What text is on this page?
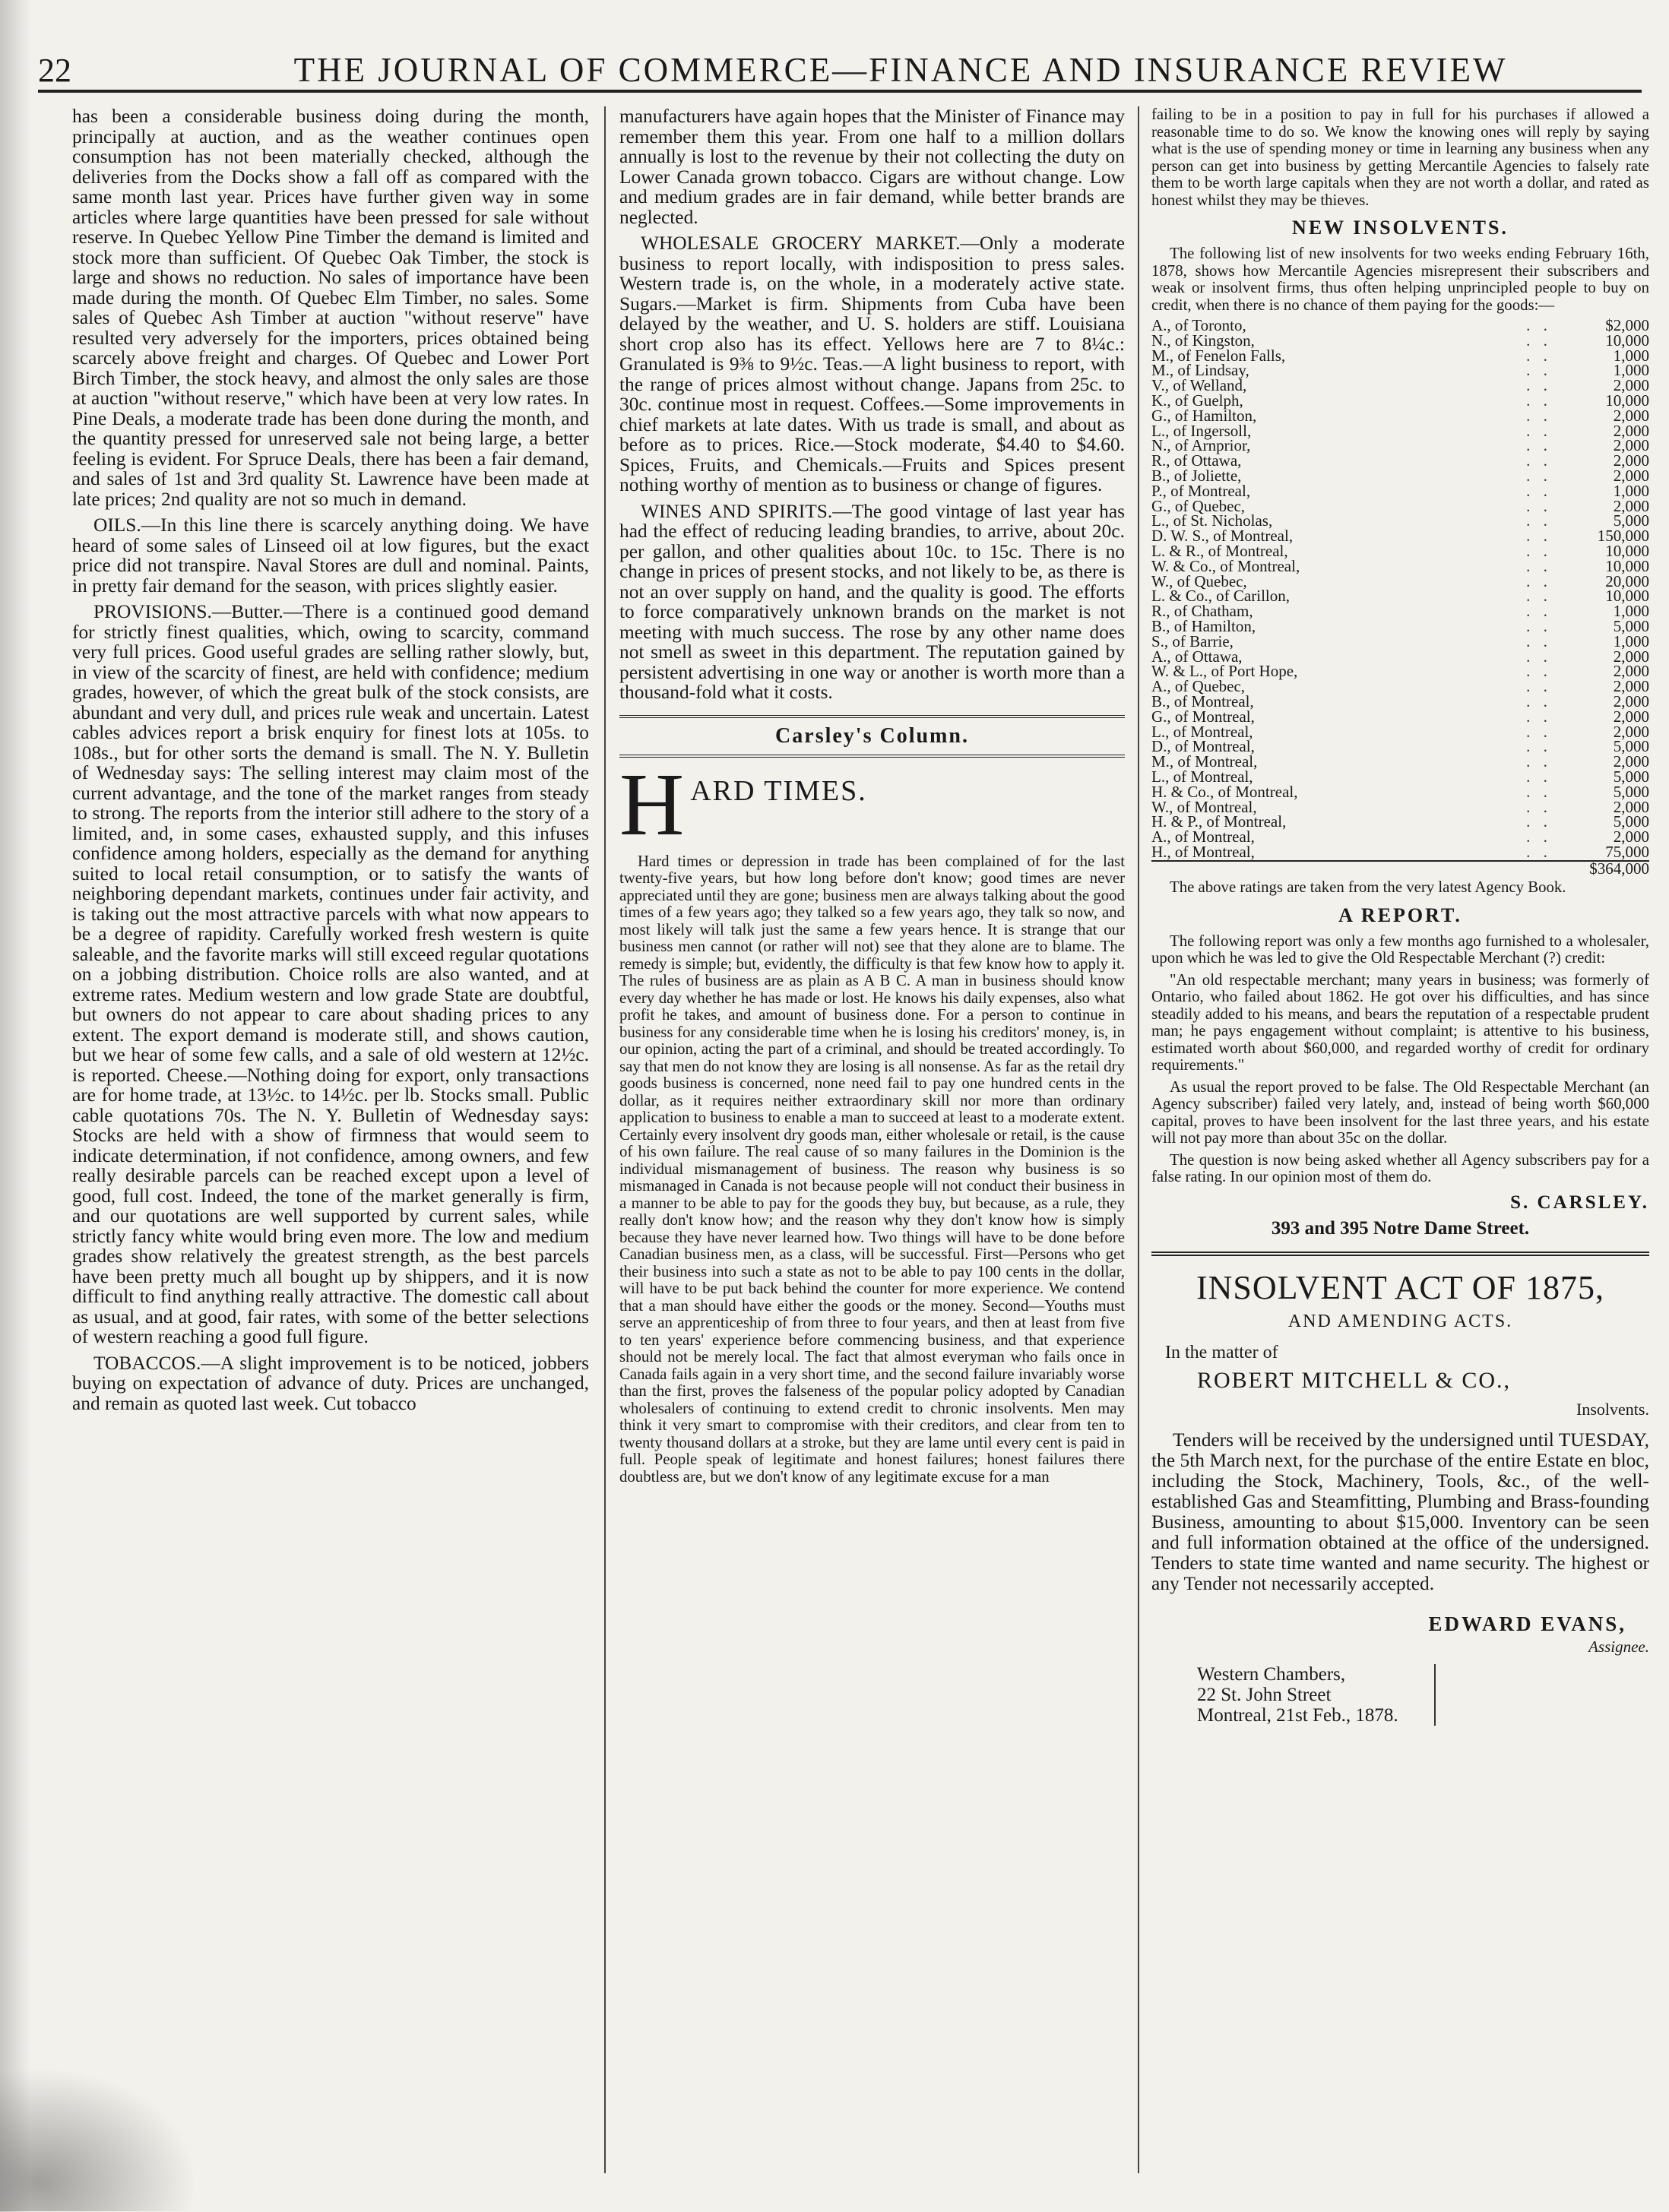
22	THE JOURNAL OF COMMERCE—FINANCE AND INSURANCE REVIEW

has been a considerable business doing during the month, principally at auction, and as the weather continues open consumption has not been materially checked, although the deliveries from the Docks show a fall off as compared with the same month last year. Prices have further given way in some articles where large quantities have been pressed for sale without reserve. In Quebec Yellow Pine Timber the demand is limited and stock more than sufficient. Of Quebec Oak Timber, the stock is large and shows no reduction. No sales of importance have been made during the month. Of Quebec Elm Timber, no sales. Some sales of Quebec Ash Timber at auction "without reserve" have resulted very adversely for the importers, prices obtained being scarcely above freight and charges. Of Quebec and Lower Port Birch Timber, the stock heavy, and almost the only sales are those at auction "without reserve," which have been at very low rates. In Pine Deals, a moderate trade has been done during the month, and the quantity pressed for unreserved sale not being large, a better feeling is evident. For Spruce Deals, there has been a fair demand, and sales of 1st and 3rd quality St. Lawrence have been made at late prices; 2nd quality are not so much in demand.

OILS.—In this line there is scarcely anything doing. We have heard of some sales of Linseed oil at low figures, but the exact price did not transpire. Naval Stores are dull and nominal. Paints, in pretty fair demand for the season, with prices slightly easier.

PROVISIONS.—Butter.—There is a continued good demand for strictly finest qualities, which, owing to scarcity, command very full prices. Good useful grades are selling rather slowly, but, in view of the scarcity of finest, are held with confidence; medium grades, however, of which the great bulk of the stock consists, are abundant and very dull, and prices rule weak and uncertain. Latest cables advices report a brisk enquiry for finest lots at 105s. to 108s., but for other sorts the demand is small. The N. Y. Bulletin of Wednesday says: The selling interest may claim most of the current advantage, and the tone of the market ranges from steady to strong. The reports from the interior still adhere to the story of a limited, and, in some cases, exhausted supply, and this infuses confidence among holders, especially as the demand for anything suited to local retail consumption, or to satisfy the wants of neighboring dependant markets, continues under fair activity, and is taking out the most attractive parcels with what now appears to be a degree of rapidity. Carefully worked fresh western is quite saleable, and the favorite marks will still exceed regular quotations on a jobbing distribution. Choice rolls are also wanted, and at extreme rates. Medium western and low grade State are doubtful, but owners do not appear to care about shading prices to any extent. The export demand is moderate still, and shows caution, but we hear of some few calls, and a sale of old western at 12½c. is reported. Cheese.—Nothing doing for export, only transactions are for home trade, at 13½c. to 14½c. per lb. Stocks small. Public cable quotations 70s. The N. Y. Bulletin of Wednesday says: Stocks are held with a show of firmness that would seem to indicate determination, if not confidence, among owners, and few really desirable parcels can be reached except upon a level of good, full cost. Indeed, the tone of the market generally is firm, and our quotations are well supported by current sales, while strictly fancy white would bring even more. The low and medium grades show relatively the greatest strength, as the best parcels have been pretty much all bought up by shippers, and it is now difficult to find anything really attractive. The domestic call about as usual, and at good, fair rates, with some of the better selections of western reaching a good full figure.

TOBACCOS.—A slight improvement is to be noticed, jobbers buying on expectation of advance of duty. Prices are unchanged, and remain as quoted last week. Cut tobacco

manufacturers have again hopes that the Minister of Finance may remember them this year. From one half to a million dollars annually is lost to the revenue by their not collecting the duty on Lower Canada grown tobacco. Cigars are without change. Low and medium grades are in fair demand, while better brands are neglected.

WHOLESALE GROCERY MARKET.—Only a moderate business to report locally, with indisposition to press sales. Western trade is, on the whole, in a moderately active state. Sugars.—Market is firm. Shipments from Cuba have been delayed by the weather, and U. S. holders are stiff. Louisiana short crop also has its effect. Yellows here are 7 to 8¼c.: Granulated is 9⅜ to 9½c. Teas.—A light business to report, with the range of prices almost without change. Japans from 25c. to 30c. continue most in request. Coffees.—Some improvements in chief markets at late dates. With us trade is small, and about as before as to prices. Rice.—Stock moderate, $4.40 to $4.60. Spices, Fruits, and Chemicals.—Fruits and Spices present nothing worthy of mention as to business or change of figures.

WINES AND SPIRITS.—The good vintage of last year has had the effect of reducing leading brandies, to arrive, about 20c. per gallon, and other qualities about 10c. to 15c. There is no change in prices of present stocks, and not likely to be, as there is not an over supply on hand, and the quality is good. The efforts to force comparatively unknown brands on the market is not meeting with much success. The rose by any other name does not smell as sweet in this department. The reputation gained by persistent advertising in one way or another is worth more than a thousand-fold what it costs.

Carsley's Column.
H ARD TIMES.

Hard times or depression in trade has been complained of for the last twenty-five years, but how long before don't know; good times are never appreciated until they are gone; business men are always talking about the good times of a few years ago; they talked so a few years ago, they talk so now, and most likely will talk just the same a few years hence. It is strange that our business men cannot (or rather will not) see that they alone are to blame. The remedy is simple; but, evidently, the difficulty is that few know how to apply it. The rules of business are as plain as A B C. A man in business should know every day whether he has made or lost. He knows his daily expenses, also what profit he takes, and amount of business done. For a person to continue in business for any considerable time when he is losing his creditors' money, is, in our opinion, acting the part of a criminal, and should be treated accordingly. To say that men do not know they are losing is all nonsense. As far as the retail dry goods business is concerned, none need fail to pay one hundred cents in the dollar, as it requires neither extraordinary skill nor more than ordinary application to business to enable a man to succeed at least to a moderate extent. Certainly every insolvent dry goods man, either wholesale or retail, is the cause of his own failure. The real cause of so many failures in the Dominion is the individual mismanagement of business. The reason why business is so mismanaged in Canada is not because people will not conduct their business in a manner to be able to pay for the goods they buy, but because, as a rule, they really don't know how; and the reason why they don't know how is simply because they have never learned how. Two things will have to be done before Canadian business men, as a class, will be successful. First—Persons who get their business into such a state as not to be able to pay 100 cents in the dollar, will have to be put back behind the counter for more experience. We contend that a man should have either the goods or the money. Second—Youths must serve an apprenticeship of from three to four years, and then at least from five to ten years' experience before commencing business, and that experience should not be merely local. The fact that almost everyman who fails once in Canada fails again in a very short time, and the second failure invariably worse than the first, proves the falseness of the popular policy adopted by Canadian wholesalers of continuing to extend credit to chronic insolvents. Men may think it very smart to compromise with their creditors, and clear from ten to twenty thousand dollars at a stroke, but they are lame until every cent is paid in full. People speak of legitimate and honest failures; honest failures there doubtless are, but we don't know of any legitimate excuse for a man

failing to be in a position to pay in full for his purchases if allowed a reasonable time to do so. We know the knowing ones will reply by saying what is the use of spending money or time in learning any business when any person can get into business by getting Mercantile Agencies to falsely rate them to be worth large capitals when they are not worth a dollar, and rated as honest whilst they may be thieves.

NEW INSOLVENTS.

The following list of new insolvents for two weeks ending February 16th, 1878, shows how Mercantile Agencies misrepresent their subscribers and weak or insolvent firms, thus often helping unprincipled people to buy on credit, when there is no chance of them paying for the goods:—

A., of Toronto,	. .	$2,000
N., of Kingston,	. .	10,000
M., of Fenelon Falls,	. .	1,000
M., of Lindsay,	. .	1,000
V., of Welland,	. .	2,000
K., of Guelph,	. .	10,000
G., of Hamilton,	. .	2,000
L., of Ingersoll,	. .	2,000
N., of Arnprior,	. .	2,000
R., of Ottawa,	. .	2,000
B., of Joliette,	. .	2,000
P., of Montreal,	. .	1,000
G., of Quebec,	. .	2,000
L., of St. Nicholas,	. .	5,000
D. W. S., of Montreal,	. .	150,000
L. & R., of Montreal,	. .	10,000
W. & Co., of Montreal,	. .	10,000
W., of Quebec,	. .	20,000
L. & Co., of Carillon,	. .	10,000
R., of Chatham,	. .	1,000
B., of Hamilton,	. .	5,000
S., of Barrie,	. .	1,000
A., of Ottawa,	. .	2,000
W. & L., of Port Hope,	. .	2,000
A., of Quebec,	. .	2,000
B., of Montreal,	. .	2,000
G., of Montreal,	. .	2,000
L., of Montreal,	. .	2,000
D., of Montreal,	. .	5,000
M., of Montreal,	. .	2,000
L., of Montreal,	. .	5,000
H. & Co., of Montreal,	. .	5,000
W., of Montreal,	. .	2,000
H. & P., of Montreal,	. .	5,000
A., of Montreal,	. .	2,000
H., of Montreal,	. .	75,000
		$364,000

The above ratings are taken from the very latest Agency Book.

A REPORT.

The following report was only a few months ago furnished to a wholesaler, upon which he was led to give the Old Respectable Merchant (?) credit:

"An old respectable merchant; many years in business; was formerly of Ontario, who failed about 1862. He got over his difficulties, and has since steadily added to his means, and bears the reputation of a respectable prudent man; he pays engagement without complaint; is attentive to his business, estimated worth about $60,000, and regarded worthy of credit for ordinary requirements."

As usual the report proved to be false. The Old Respectable Merchant (an Agency subscriber) failed very lately, and, instead of being worth $60,000 capital, proves to have been insolvent for the last three years, and his estate will not pay more than about 35c on the dollar.

The question is now being asked whether all Agency subscribers pay for a false rating. In our opinion most of them do.

S. CARSLEY.
393 and 395 Notre Dame Street.
INSOLVENT ACT OF 1875,
AND AMENDING ACTS.
In the matter of
ROBERT MITCHELL & CO.,
Insolvents.

Tenders will be received by the undersigned until TUESDAY, the 5th March next, for the purchase of the entire Estate en bloc, including the Stock, Machinery, Tools, &c., of the well-established Gas and Steamfitting, Plumbing and Brass-founding Business, amounting to about $15,000. Inventory can be seen and full information obtained at the office of the undersigned. Tenders to state time wanted and name security. The highest or any Tender not necessarily accepted.

EDWARD EVANS,
Assignee.
Western Chambers,
22 St. John Street
Montreal, 21st Feb., 1878.
